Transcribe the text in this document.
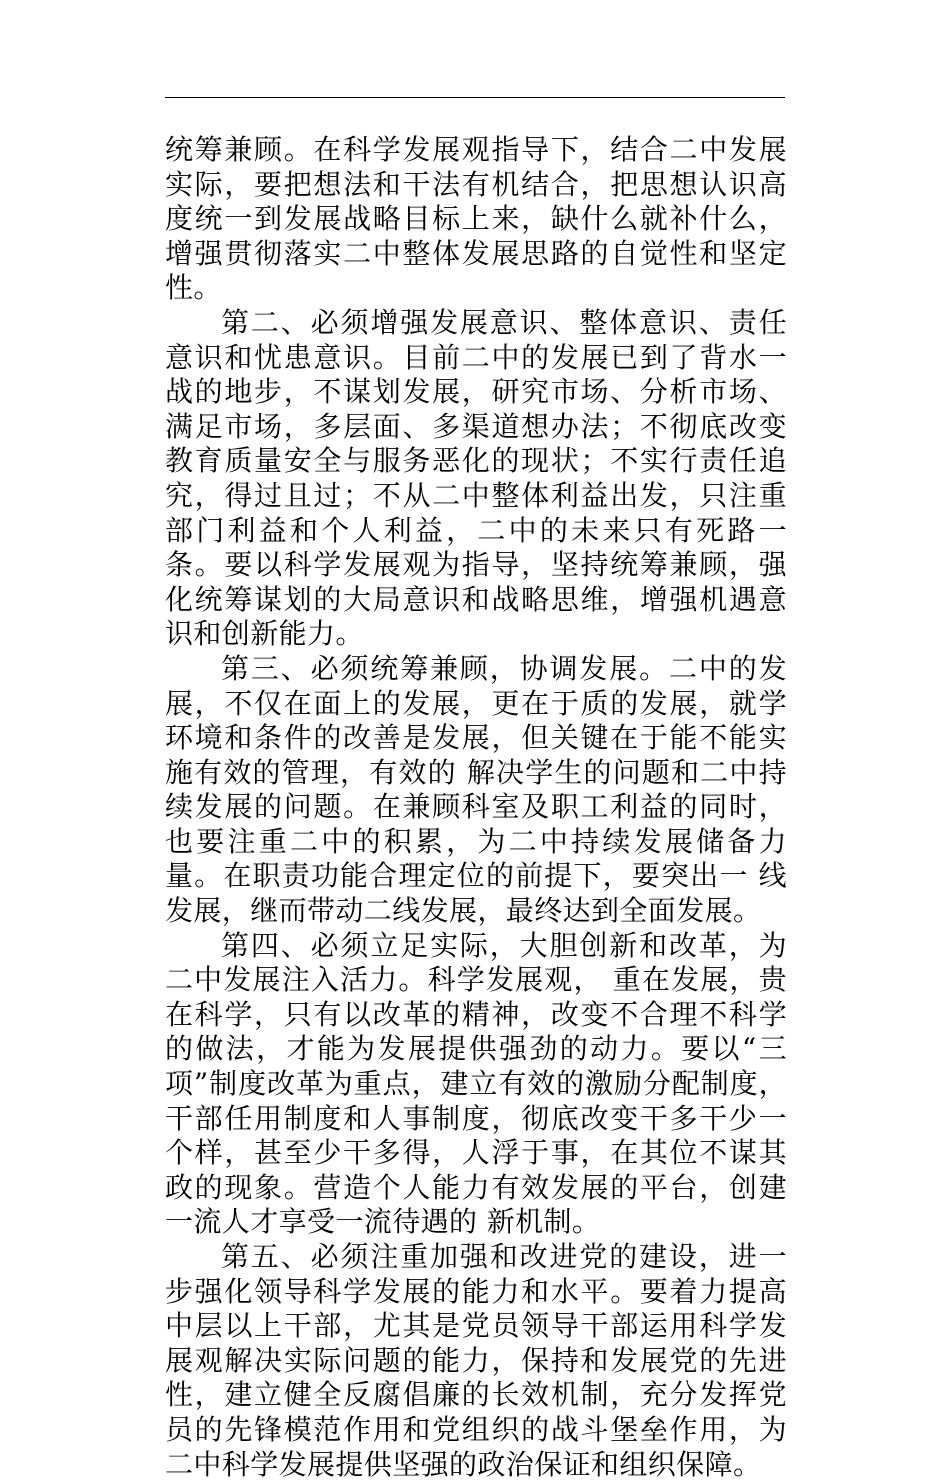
统筹兼顾。在科学发展观指导下，结合二中发展实际，要把想法和干法有机结合，把思想认识高度统一到发展战略目标上来，缺什么就补什么，增强贯彻落实二中整体发展思路的自觉性和坚定性。

第二、必须增强发展意识、整体意识、责任意识和忧患意识。目前二中的发展已到了背水一战的地步，不谋划发展，研究市场、分析市场、满足市场，多层面、多渠道想办法；不彻底改变教育质量安全与服务恶化的现状；不实行责任追究，得过且过；不从二中整体利益出发，只注重部门利益和个人利益，二中的未来只有死路一条。要以科学发展观为指导，坚持统筹兼顾，强化统筹谋划的大局意识和战略思维，增强机遇意识和创新能力。

第三、必须统筹兼顾，协调发展。二中的发展，不仅在面上的发展，更在于质的发展，就学环境和条件的改善是发展，但关键在于能不能实施有效的管理，有效的 解决学生的问题和二中持续发展的问题。在兼顾科室及职工利益的同时，也要注重二中的积累，为二中持续发展储备力量。在职责功能合理定位的前提下，要突出一 线发展，继而带动二线发展，最终达到全面发展。

第四、必须立足实际，大胆创新和改革，为二中发展注入活力。科学发展观， 重在发展，贵在科学，只有以改革的精神，改变不合理不科学的做法，才能为发展提供强劲的动力。要以“三项”制度改革为重点，建立有效的激励分配制度，干部任用制度和人事制度，彻底改变干多干少一个样，甚至少干多得，人浮于事，在其位不谋其政的现象。营造个人能力有效发展的平台，创建一流人才享受一流待遇的 新机制。

第五、必须注重加强和改进党的建设，进一步强化领导科学发展的能力和水平。要着力提高中层以上干部，尤其是党员领导干部运用科学发展观解决实际问题的能力，保持和发展党的先进性，建立健全反腐倡廉的长效机制，充分发挥党员的先锋模范作用和党组织的战斗堡垒作用，为二中科学发展提供坚强的政治保证和组织保障。
